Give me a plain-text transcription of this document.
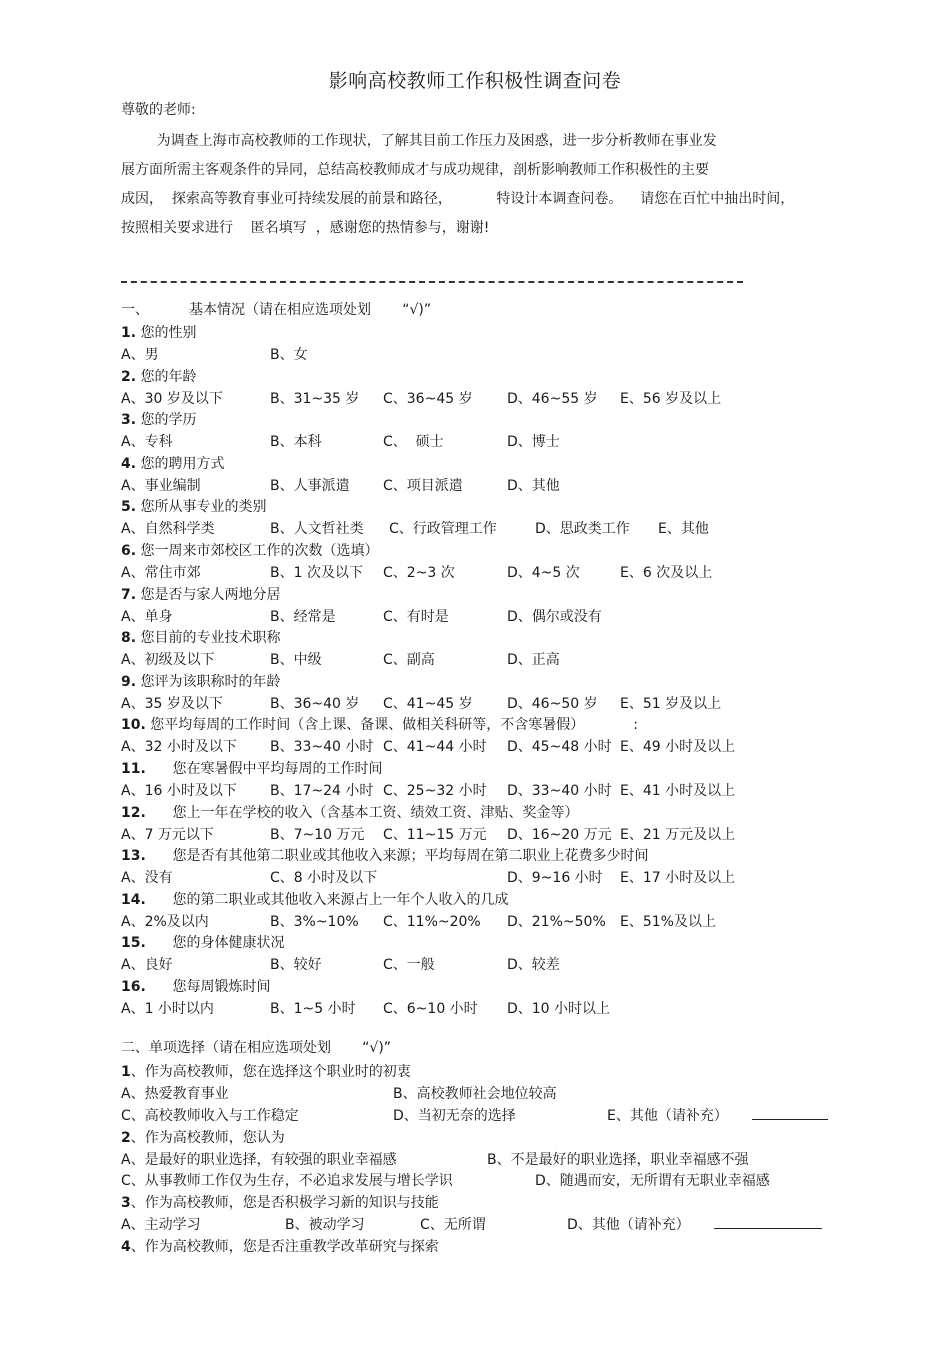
影响高校教师工作积极性调查问卷
尊敬的老师:
为调查上海市高校教师的工作现状，了解其目前工作压力及困惑，进一步分析教师在事业发
展方面所需主客观条件的异同，总结高校教师成才与成功规律，剖析影响教师工作积极性的主要
成因，  探索高等教育事业可持续发展的前景和路径，          特设计本调查问卷。    请您在百忙中抽出时间，
按照相关要求进行    匿名填写  ，感谢您的热情参与，谢谢!
一、         基本情况（请在相应选项处划       “√)”
1. 您的性别
A、男	B、女
2. 您的年龄
A、30 岁及以下	B、31~35 岁 C、36~45 岁 D、46~55 岁 E、56 岁及以上
3. 您的学历
A、专科	B、本科	C、  硕士	D、博士
4. 您的聘用方式
A、事业编制	B、人事派遣 C、项目派遣	D、其他
5. 您所从事专业的类别
A、自然科学类	B、人文哲社类 C、行政管理工作	D、思政类工作 E、其他
6. 您一周来市郊校区工作的次数（选填）
A、常住市郊	B、1 次及以下 C、2~3 次	D、4~5 次	E、6 次及以上
7. 您是否与家人两地分居
A、单身	B、经常是	C、有时是	D、偶尔或没有
8. 您目前的专业技术职称
A、初级及以下	B、中级	C、副高	D、正高
9. 您评为该职称时的年龄
A、35 岁及以下	B、36~40 岁 C、41~45 岁 D、46~50 岁 E、51 岁及以上
10. 您平均每周的工作时间（含上课、备课、做相关科研等，不含寒暑假）           :
A、32 小时及以下 B、33~40 小时 C、41~44 小时 D、45~48 小时 E、49 小时及以上
11.      您在寒暑假中平均每周的工作时间
A、16 小时及以下 B、17~24 小时 C、25~32 小时 D、33~40 小时 E、41 小时及以上
12.      您上一年在学校的收入（含基本工资、绩效工资、津贴、奖金等）
A、7 万元以下	B、7~10 万元 C、11~15 万元 D、16~20 万元 E、21 万元及以上
13.      您是否有其他第二职业或其他收入来源；平均每周在第二职业上花费多少时间
A、没有	C、8 小时及以下	D、9~16 小时 E、17 小时及以上
14.      您的第二职业或其他收入来源占上一年个人收入的几成
A、2%及以内	B、3%~10% C、11%~20% D、21%~50% E、51%及以上
15.      您的身体健康状况
A、良好	B、较好	C、一般	D、较差
16.      您每周锻炼时间
A、1 小时以内	B、1~5 小时 C、6~10 小时 D、10 小时以上
二、单项选择（请在相应选项处划       “√)”
1、作为高校教师，您在选择这个职业时的初衷
A、热爱教育事业	B、高校教师社会地位较高
C、高校教师收入与工作稳定	D、当初无奈的选择	E、其他（请补充）
2、作为高校教师，您认为
A、是最好的职业选择，有较强的职业幸福感	B、不是最好的职业选择，职业幸福感不强
C、从事教师工作仅为生存，不必追求发展与增长学识	D、随遇而安，无所谓有无职业幸福感
3、作为高校教师，您是否积极学习新的知识与技能
A、主动学习	B、被动学习	C、无所谓	D、其他（请补充）
4、作为高校教师，您是否注重教学改革研究与探索
